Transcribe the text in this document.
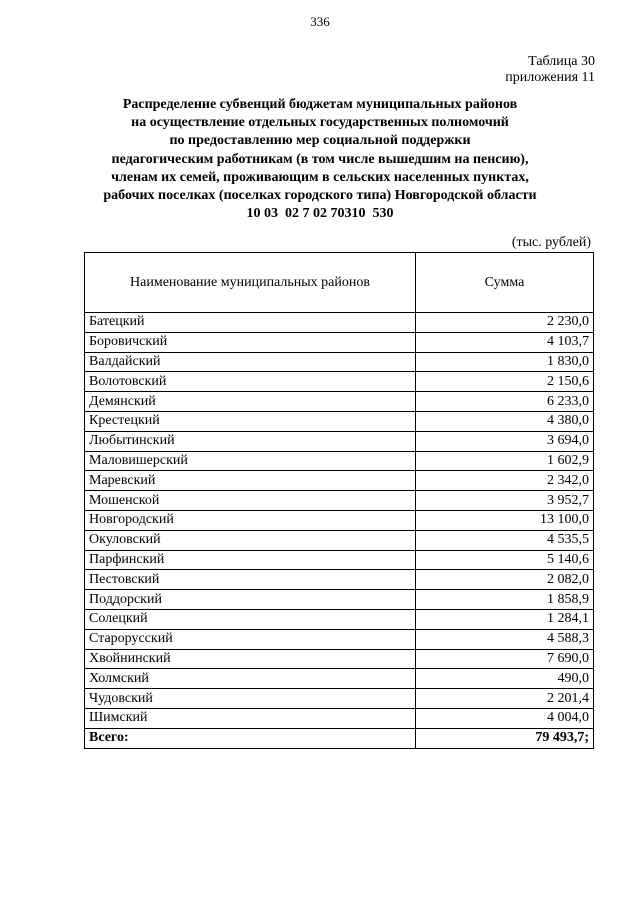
336
Таблица 30
приложения 11
Распределение субвенций бюджетам муниципальных районов
на осуществление отдельных государственных полномочий
по предоставлению мер социальной поддержки
педагогическим работникам (в том числе вышедшим на пенсию),
членам их семей, проживающим в сельских населенных пунктах,
рабочих поселках (поселках городского типа) Новгородской области
10 03  02 7 02 70310  530
(тыс. рублей)
Наименование муниципальных районов	Сумма
Батецкий	2 230,0
Боровичский	4 103,7
Валдайский	1 830,0
Волотовский	2 150,6
Демянский	6 233,0
Крестецкий	4 380,0
Любытинский	3 694,0
Маловишерский	1 602,9
Маревский	2 342,0
Мошенской	3 952,7
Новгородский	13 100,0
Окуловский	4 535,5
Парфинский	5 140,6
Пестовский	2 082,0
Поддорский	1 858,9
Солецкий	1 284,1
Старорусский	4 588,3
Хвойнинский	7 690,0
Холмский	490,0
Чудовский	2 201,4
Шимский	4 004,0
Всего:	79 493,7;
